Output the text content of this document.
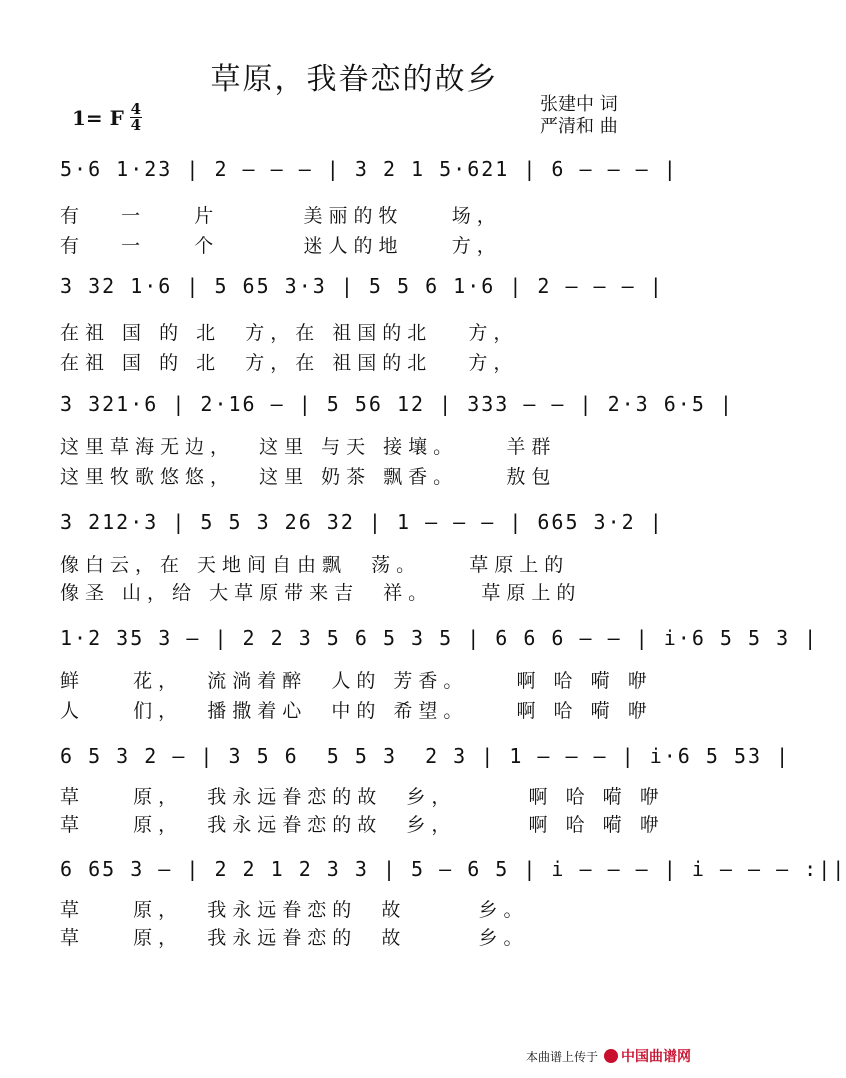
草原，我眷恋的故乡
1= F $\frac{4}{4}$	张建中 词
严清和 曲
5·6 1·23 | 2 — — — | 3 2 1 5·621 | 6 — — — |
有   一    片       美丽的牧    场，
有   一    个       迷人的地    方，
3 32 1·6 | 5 65 3·3 | 5 5 6 1·6 | 2 — — — |
在祖 国 的 北  方，在 祖国的北   方，
在祖 国 的 北  方，在 祖国的北   方，
3 321·6 | 2·16 — | 5 56 12 | 333 — — | 2·3 6·5 |
这里草海无边，  这里 与天 接壤。    羊群
这里牧歌悠悠，  这里 奶茶 飘香。    敖包
3 212·3 | 5 5 3 26 32 | 1 — — — | 665 3·2 |
像白云，在 天地间自由飘  荡。    草原上的
像圣 山，给 大草原带来吉  祥。    草原上的
1·2 35 3 — | 2 2 3 5 6 5 3 5 | 6 6 6 — — | i·6 5 5 3 |
鲜    花，  流淌着醉  人的 芳香。    啊 哈 嗬 咿
人    们，  播撒着心  中的 希望。    啊 哈 嗬 咿
6 5 3 2 — | 3 5 6  5 5 3  2 3 | 1 — — — | i·6 5 53 |
草    原，  我永远眷恋的故  乡，      啊 哈 嗬 咿
草    原，  我永远眷恋的故  乡，      啊 哈 嗬 咿
6 65 3 — | 2 2 1 2 3 3 | 5 — 6 5 | i — — — | i — — — :||
草    原，  我永远眷恋的  故      乡。
草    原，  我永远眷恋的  故      乡。
本曲谱上传于 中国曲谱网
